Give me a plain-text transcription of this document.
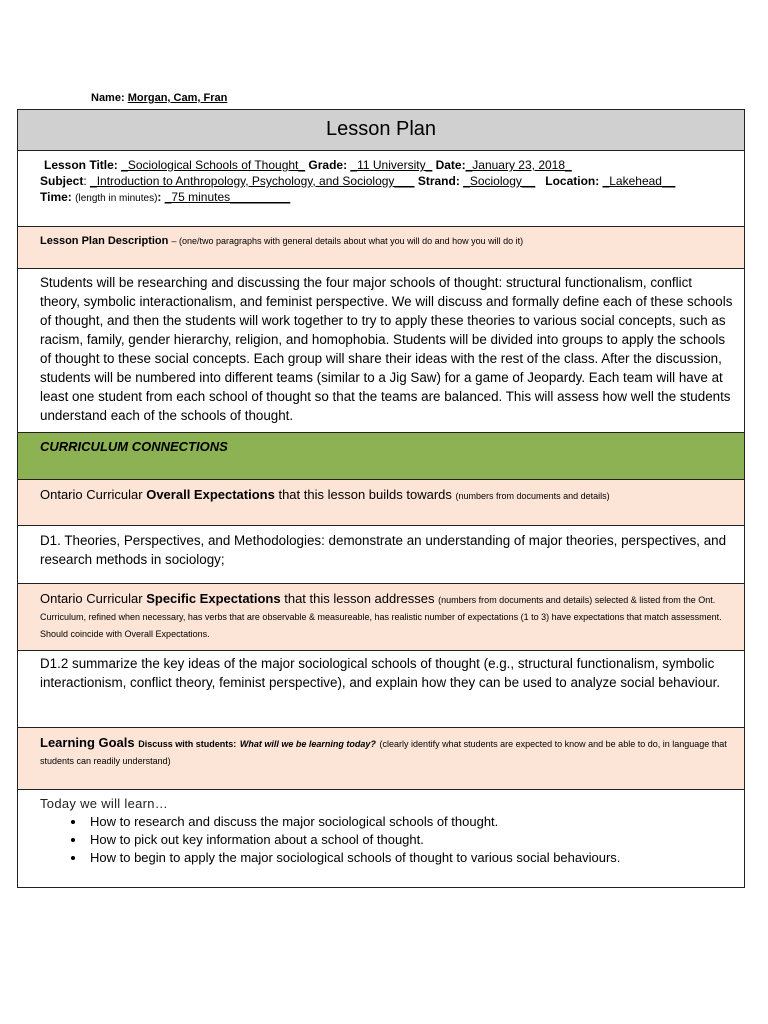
Name: Morgan, Cam, Fran
Lesson Plan
Lesson Title: _Sociological Schools of Thought_ Grade: _11 University_ Date:_January 23, 2018_
Subject: _Introduction to Anthropology, Psychology, and Sociology___ Strand: _Sociology__ Location: _Lakehead__
Time: (length in minutes): _75 minutes_________
Lesson Plan Description – (one/two paragraphs with general details about what you will do and how you will do it)
Students will be researching and discussing the four major schools of thought: structural functionalism, conflict theory, symbolic interactionalism, and feminist perspective. We will discuss and formally define each of these schools of thought, and then the students will work together to try to apply these theories to various social concepts, such as racism, family, gender hierarchy, religion, and homophobia. Students will be divided into groups to apply the schools of thought to these social concepts. Each group will share their ideas with the rest of the class. After the discussion, students will be numbered into different teams (similar to a Jig Saw) for a game of Jeopardy. Each team will have at least one student from each school of thought so that the teams are balanced. This will assess how well the students understand each of the schools of thought.
CURRICULUM CONNECTIONS
Ontario Curricular Overall Expectations that this lesson builds towards (numbers from documents and details)
D1. Theories, Perspectives, and Methodologies: demonstrate an understanding of major theories, perspectives, and research methods in sociology;
Ontario Curricular Specific Expectations that this lesson addresses (numbers from documents and details) selected & listed from the Ont. Curriculum, refined when necessary, has verbs that are observable & measureable, has realistic number of expectations (1 to 3) have expectations that match assessment. Should coincide with Overall Expectations.
D1.2 summarize the key ideas of the major sociological schools of thought (e.g., structural functionalism, symbolic interactionism, conflict theory, feminist perspective), and explain how they can be used to analyze social behaviour.
Learning Goals Discuss with students: What will we be learning today? (clearly identify what students are expected to know and be able to do, in language that students can readily understand)
Today we will learn…
• How to research and discuss the major sociological schools of thought.
• How to pick out key information about a school of thought.
• How to begin to apply the major sociological schools of thought to various social behaviours.
